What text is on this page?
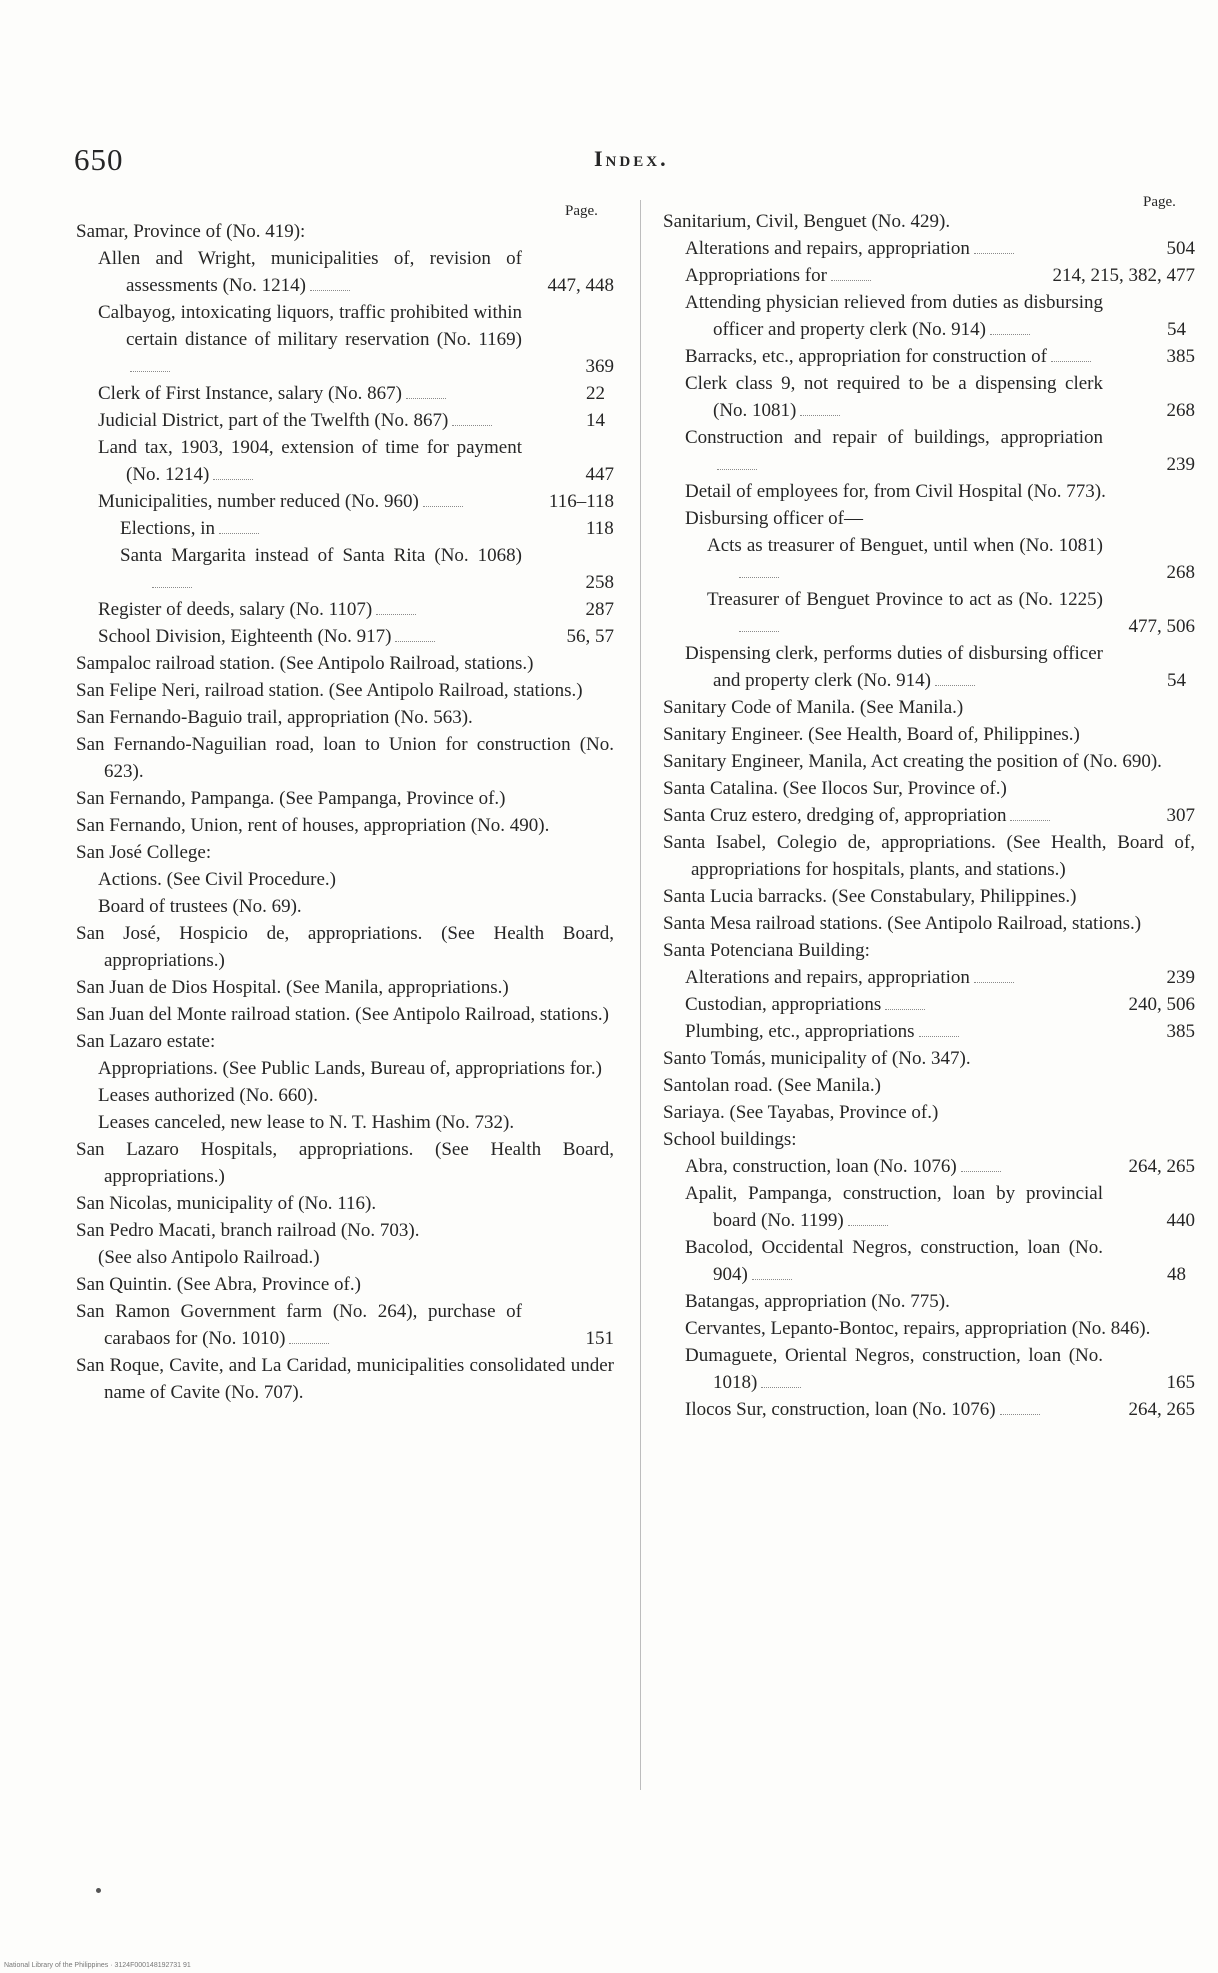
650	Index.
Page.
Page.
Samar, Province of (No. 419):
Allen and Wright, municipalities of, revision of assessments (No. 1214)	447, 448
Calbayog, intoxicating liquors, traffic prohibited within certain distance of military reservation (No. 1169)
369
Clerk of First Instance, salary (No. 867)	22
Judicial District, part of the Twelfth (No. 867)	14
Land tax, 1903, 1904, extension of time for payment (No. 1214)	447
Municipalities, number reduced (No. 960)	116–118
Elections, in	118
Santa Margarita instead of Santa Rita (No. 1068)
258
Register of deeds, salary (No. 1107)	287
School Division, Eighteenth (No. 917)	56, 57
Sampaloc railroad station. (See Antipolo Railroad, stations.)
San Felipe Neri, railroad station. (See Antipolo Railroad, stations.)
San Fernando-Baguio trail, appropriation (No. 563).
San Fernando-Naguilian road, loan to Union for construction (No. 623).
San Fernando, Pampanga. (See Pampanga, Province of.)
San Fernando, Union, rent of houses, appropriation (No. 490).
San José College:
Actions. (See Civil Procedure.)
Board of trustees (No. 69).
San José, Hospicio de, appropriations. (See Health Board, appropriations.)
San Juan de Dios Hospital. (See Manila, appropriations.)
San Juan del Monte railroad station. (See Antipolo Railroad, stations.)
San Lazaro estate:
Appropriations. (See Public Lands, Bureau of, appropriations for.)
Leases authorized (No. 660).
Leases canceled, new lease to N. T. Hashim (No. 732).
San Lazaro Hospitals, appropriations. (See Health Board, appropriations.)
San Nicolas, municipality of (No. 116).
San Pedro Macati, branch railroad (No. 703).
(See also Antipolo Railroad.)
San Quintin. (See Abra, Province of.)
San Ramon Government farm (No. 264), purchase of carabaos for (No. 1010)	151
San Roque, Cavite, and La Caridad, municipalities consolidated under name of Cavite (No. 707).
Sanitarium, Civil, Benguet (No. 429).
Alterations and repairs, appropriation	504
Appropriations for	214, 215, 382, 477
Attending physician relieved from duties as disbursing officer and property clerk (No. 914)	54
Barracks, etc., appropriation for construction of	385
Clerk class 9, not required to be a dispensing clerk (No. 1081)	268
Construction and repair of buildings, appropriation
239
Detail of employees for, from Civil Hospital (No. 773).
Disbursing officer of—
Acts as treasurer of Benguet, until when (No. 1081)
268
Treasurer of Benguet Province to act as (No. 1225)
477, 506
Dispensing clerk, performs duties of disbursing officer and property clerk (No. 914)	54
Sanitary Code of Manila. (See Manila.)
Sanitary Engineer. (See Health, Board of, Philippines.)
Sanitary Engineer, Manila, Act creating the position of (No. 690).
Santa Catalina. (See Ilocos Sur, Province of.)
Santa Cruz estero, dredging of, appropriation	307
Santa Isabel, Colegio de, appropriations. (See Health, Board of, appropriations for hospitals, plants, and stations.)
Santa Lucia barracks. (See Constabulary, Philippines.)
Santa Mesa railroad stations. (See Antipolo Railroad, stations.)
Santa Potenciana Building:
Alterations and repairs, appropriation	239
Custodian, appropriations	240, 506
Plumbing, etc., appropriations	385
Santo Tomás, municipality of (No. 347).
Santolan road. (See Manila.)
Sariaya. (See Tayabas, Province of.)
School buildings:
Abra, construction, loan (No. 1076)	264, 265
Apalit, Pampanga, construction, loan by provincial board (No. 1199)	440
Bacolod, Occidental Negros, construction, loan (No. 904)	48
Batangas, appropriation (No. 775).
Cervantes, Lepanto-Bontoc, repairs, appropriation (No. 846).
Dumaguete, Oriental Negros, construction, loan (No. 1018)	165
Ilocos Sur, construction, loan (No. 1076)	264, 265
National Library of the Philippines · 3124F000148192731 91
